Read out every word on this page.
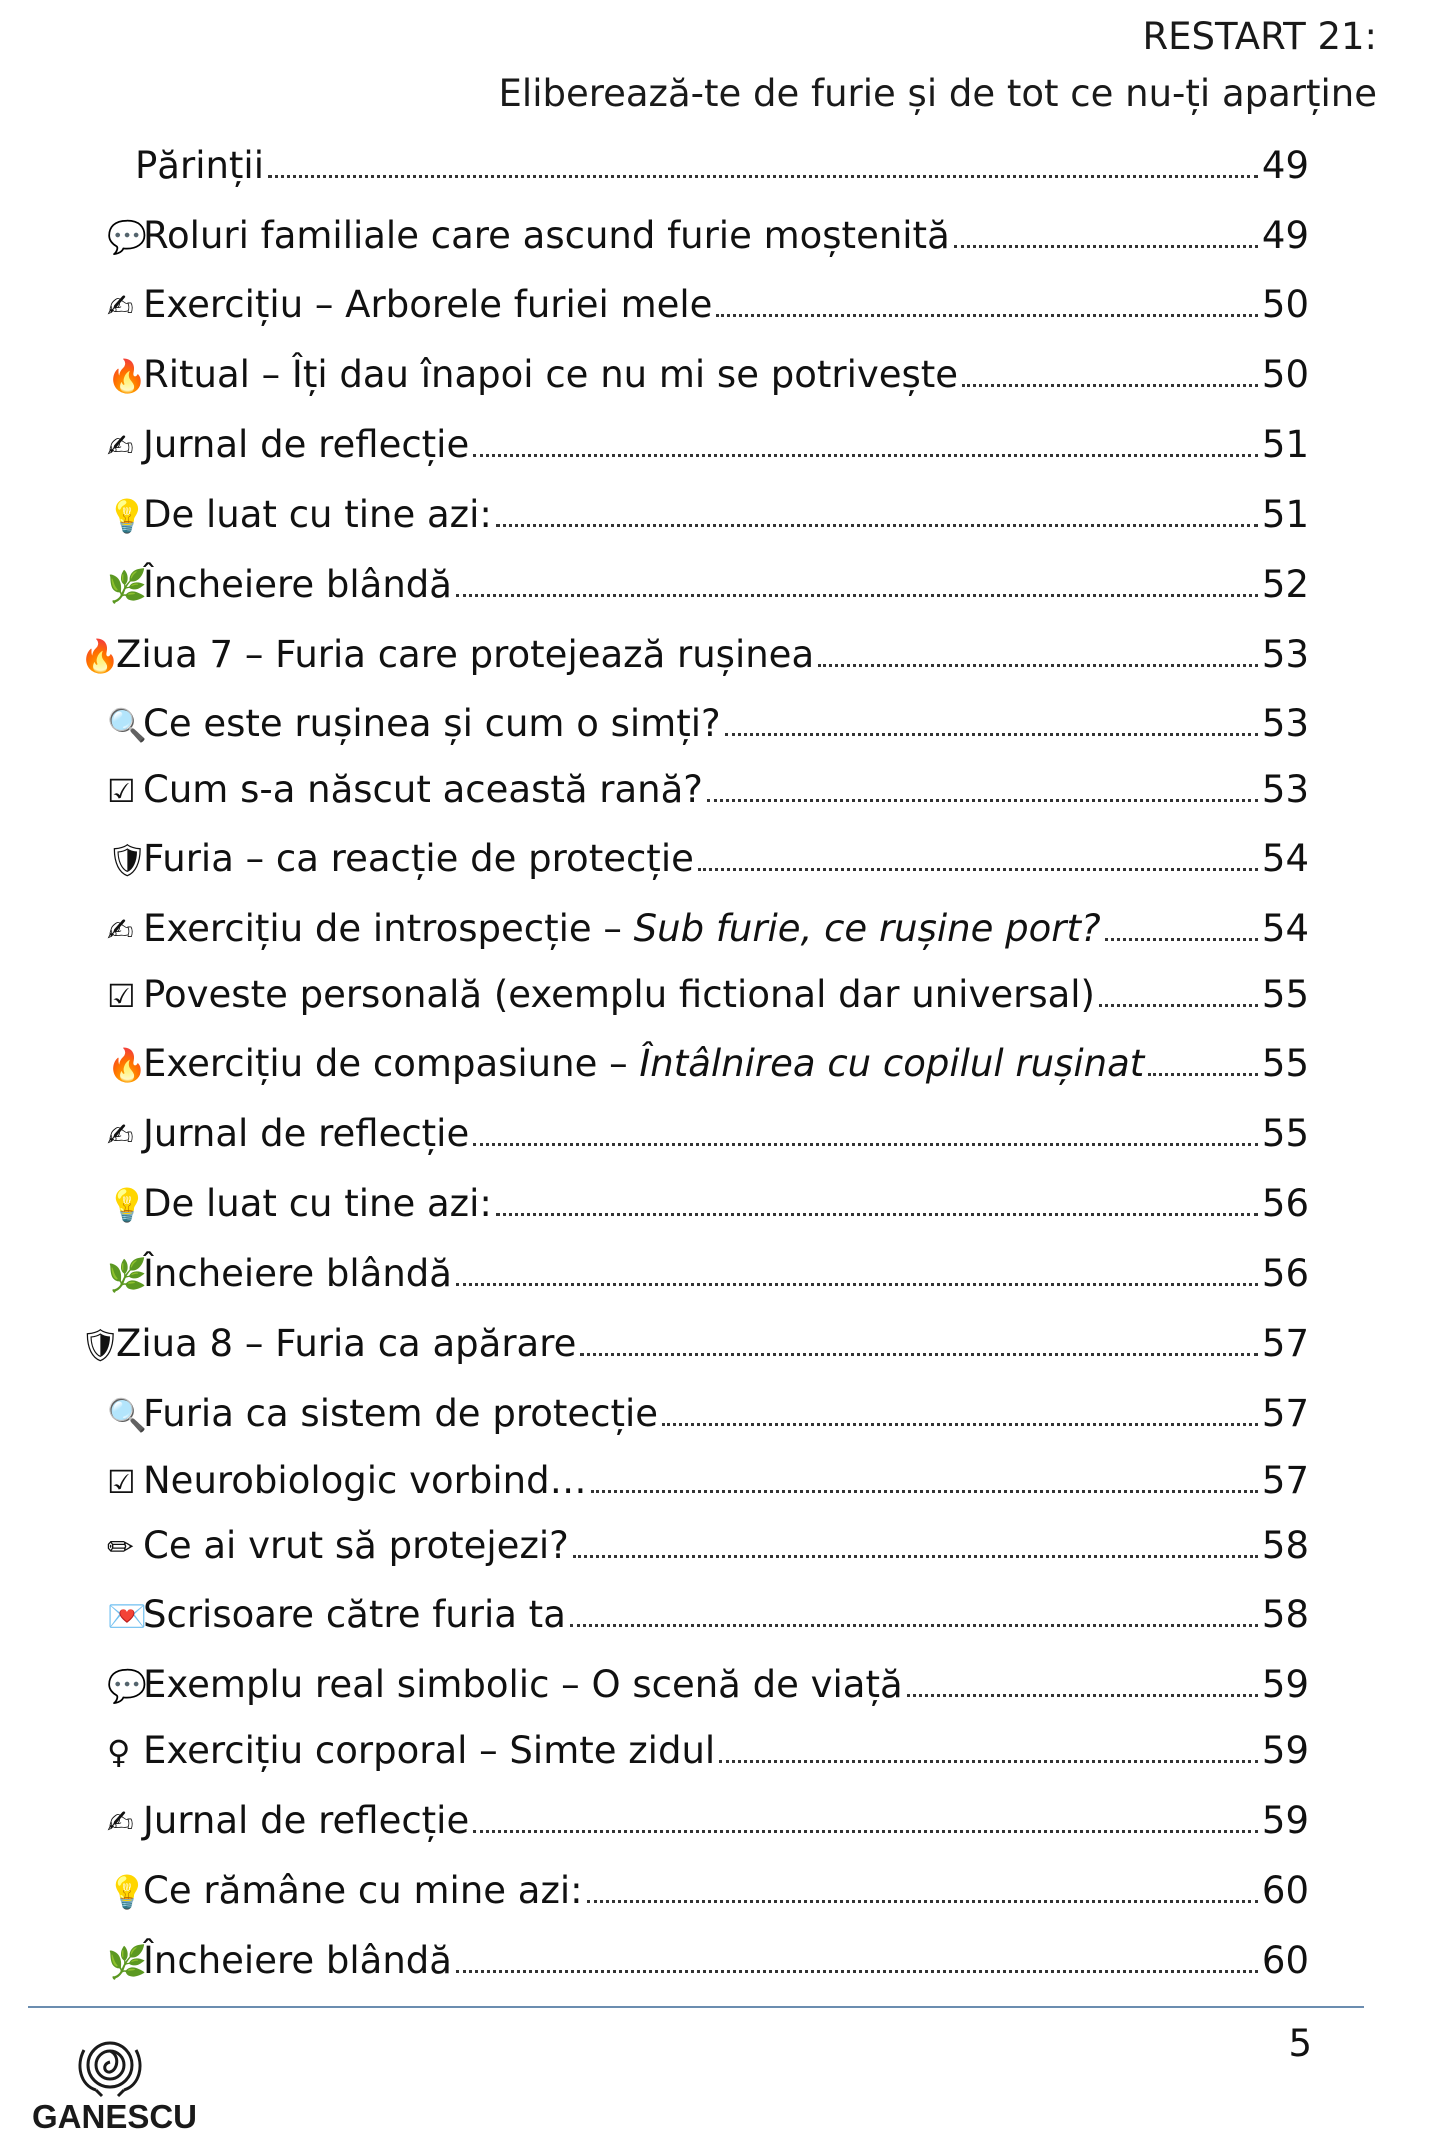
RESTART 21:
Eliberează-te de furie și de tot ce nu-ți aparține
Părinții	49
💬
Roluri familiale care ascund furie moștenită	49
✍ Exercițiu – Arborele furiei mele	50
🔥
Ritual – Îți dau înapoi ce nu mi se potrivește	50
✍ Jurnal de reflecție	51
💡
De luat cu tine azi:	51
🌿
Încheiere blândă	52
🔥
Ziua 7 – Furia care protejează rușinea	53
🔍
Ce este rușinea și cum o simți?	53
☑ Cum s-a născut această rană?	53
🛡
Furia – ca reacție de protecție	54
✍ Exercițiu de introspecție – Sub furie, ce rușine port?	54
☑ Poveste personală (exemplu fictional dar universal)	55
🔥
Exercițiu de compasiune – Întâlnirea cu copilul rușinat	55
✍ Jurnal de reflecție	55
💡
De luat cu tine azi:	56
🌿
Încheiere blândă	56
🛡
Ziua 8 – Furia ca apărare	57
🔍
Furia ca sistem de protecție	57
☑ Neurobiologic vorbind…	57
✏ Ce ai vrut să protejezi?	58
💌
Scrisoare către furia ta	58
💬
Exemplu real simbolic – O scenă de viață	59
♀ Exercițiu corporal – Simte zidul	59
✍ Jurnal de reflecție	59
💡
Ce rămâne cu mine azi:	60
🌿
Încheiere blândă	60
5
GANESCU
